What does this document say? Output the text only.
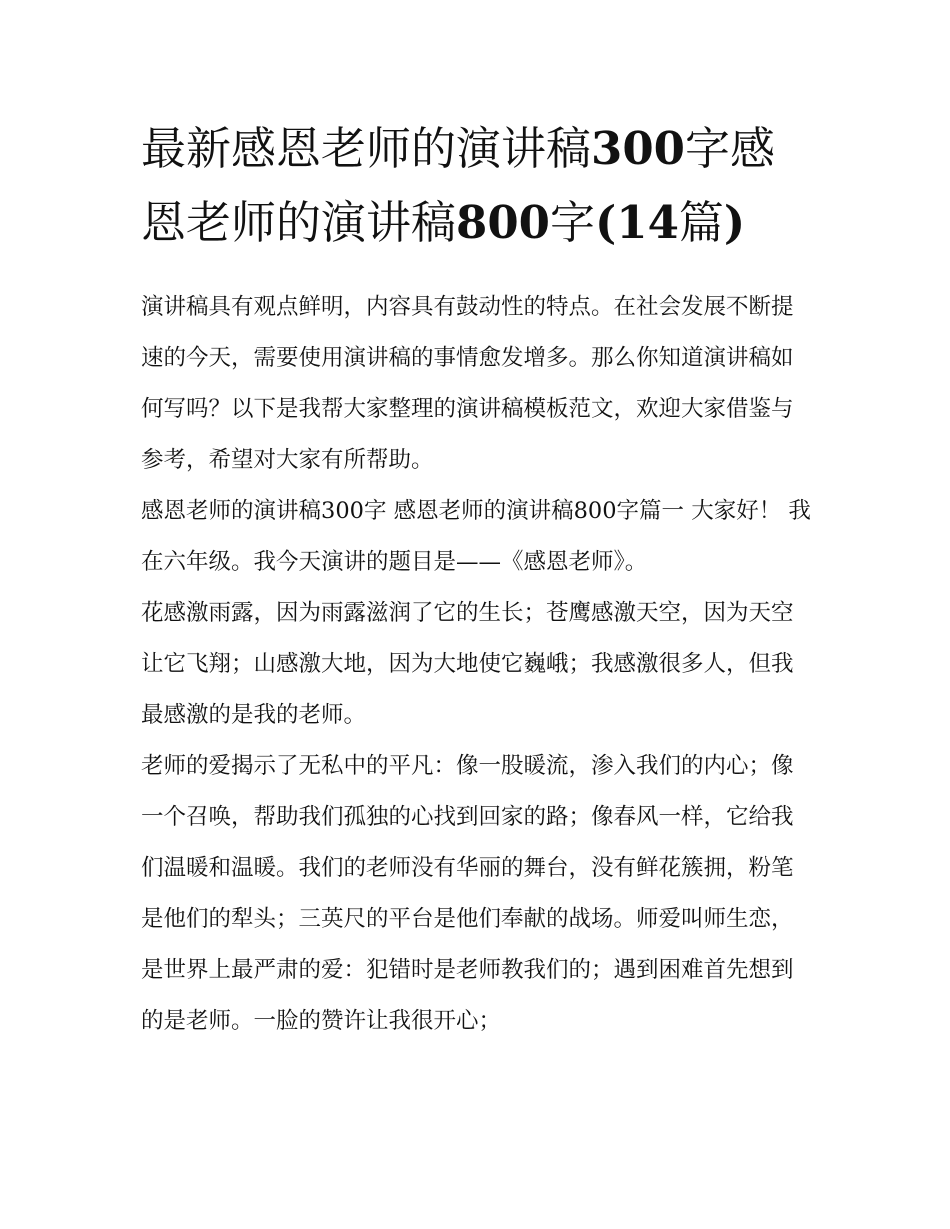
最新感恩老师的演讲稿300字感恩老师的演讲稿800字(14篇)

演讲稿具有观点鲜明，内容具有鼓动性的特点。在社会发展不断提速的今天，需要使用演讲稿的事情愈发增多。那么你知道演讲稿如何写吗？以下是我帮大家整理的演讲稿模板范文，欢迎大家借鉴与参考，希望对大家有所帮助。

感恩老师的演讲稿300字 感恩老师的演讲稿800字篇一 大家好！ 我在六年级。我今天演讲的题目是——《感恩老师》。

花感激雨露，因为雨露滋润了它的生长；苍鹰感激天空，因为天空让它飞翔；山感激大地，因为大地使它巍峨；我感激很多人，但我最感激的是我的老师。

老师的爱揭示了无私中的平凡：像一股暖流，渗入我们的内心；像一个召唤，帮助我们孤独的心找到回家的路；像春风一样，它给我们温暖和温暖。我们的老师没有华丽的舞台，没有鲜花簇拥，粉笔是他们的犁头；三英尺的平台是他们奉献的战场。师爱叫师生恋，是世界上最严肃的爱：犯错时是老师教我们的；遇到困难首先想到的是老师。一脸的赞许让我很开心；
